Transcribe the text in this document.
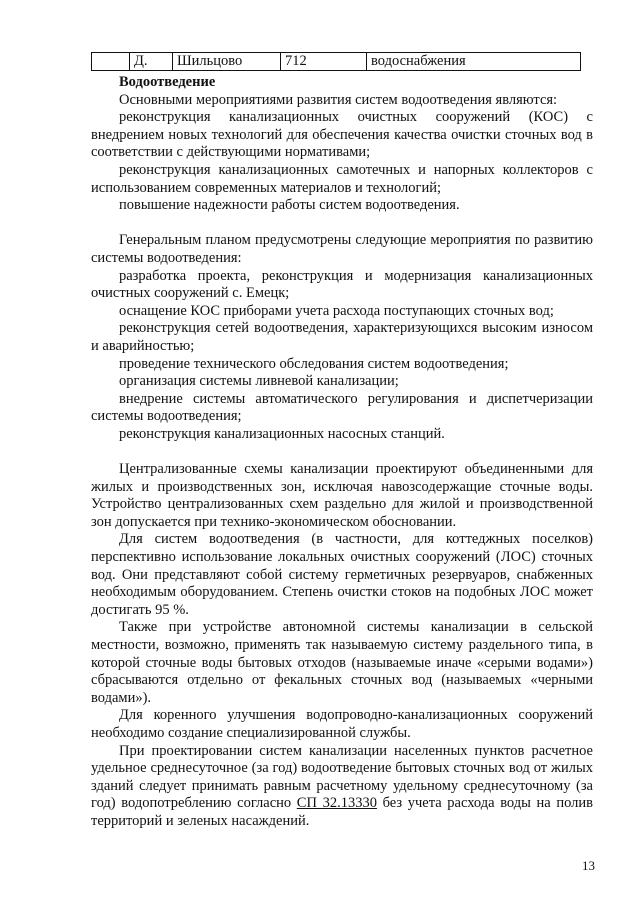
	Д.	Шильцово	712	водоснабжения
Водоотведение

Основными мероприятиями развития систем водоотведения являются:

реконструкция канализационных очистных сооружений (КОС) с внедрением новых технологий для обеспечения качества очистки сточных вод в соответствии с действующими нормативами;

реконструкция канализационных самотечных и напорных коллекторов с использованием современных материалов и технологий;

повышение надежности работы систем водоотведения.

Генеральным планом предусмотрены следующие мероприятия по развитию системы водоотведения:

разработка проекта, реконструкция и модернизация канализационных очистных сооружений с. Емецк;

оснащение КОС приборами учета расхода поступающих сточных вод;

реконструкция сетей водоотведения, характеризующихся высоким износом и аварийностью;

проведение технического обследования систем водоотведения;

организация системы ливневой канализации;

внедрение системы автоматического регулирования и диспетчеризации системы водоотведения;

реконструкция канализационных насосных станций.

Централизованные схемы канализации проектируют объединенными для жилых и производственных зон, исключая навозсодержащие сточные воды. Устройство централизованных схем раздельно для жилой и производственной зон допускается при технико-экономическом обосновании.

Для систем водоотведения (в частности, для коттеджных поселков) перспективно использование локальных очистных сооружений (ЛОС) сточных вод. Они представляют собой систему герметичных резервуаров, снабженных необходимым оборудованием. Степень очистки стоков на подобных ЛОС может достигать 95 %.

Также при устройстве автономной системы канализации в сельской местности, возможно, применять так называемую систему раздельного типа, в которой сточные воды бытовых отходов (называемые иначе «серыми водами») сбрасываются отдельно от фекальных сточных вод (называемых «черными водами»).

Для коренного улучшения водопроводно-канализационных сооружений необходимо создание специализированной службы.

При проектировании систем канализации населенных пунктов расчетное удельное среднесуточное (за год) водоотведение бытовых сточных вод от жилых зданий следует принимать равным расчетному удельному среднесуточному (за год) водопотреблению согласно СП 32.13330 без учета расхода воды на полив территорий и зеленых насаждений.

13
